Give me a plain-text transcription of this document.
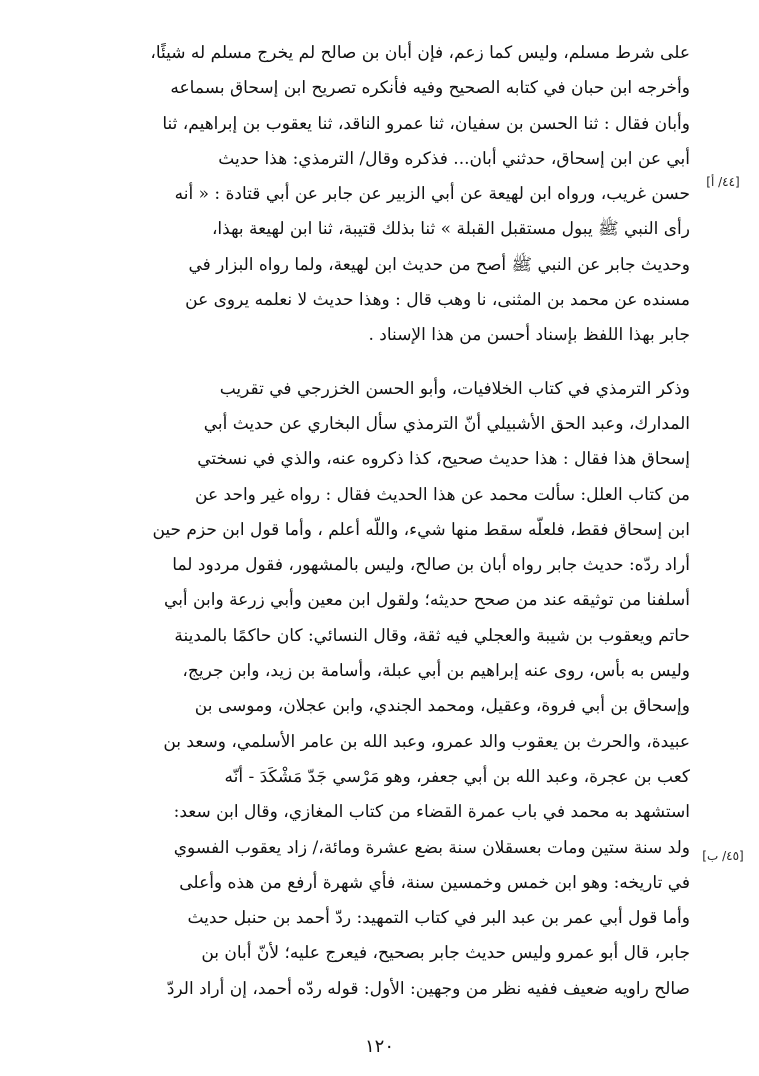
على شرط مسلم، وليس كما زعم، فإن أبان بن صالح لم يخرج مسلم له شيئًا،
وأخرجه ابن حبان في كتابه الصحيح وفيه فأنكره تصريح ابن إسحاق بسماعه
وأبان فقال : ثنا الحسن بن سفيان، ثنا عمرو الناقد، ثنا يعقوب بن إبراهيم، ثنا
أبي عن ابن إسحاق، حدثني أبان... فذكره وقال/ الترمذي: هذا حديث
حسن غريب، ورواه ابن لهيعة عن أبي الزبير عن جابر عن أبي قتادة : « أنه
رأى النبي ﷺ يبول مستقبل القبلة » ثنا بذلك قتيبة، ثنا ابن لهيعة بهذا،
وحديث جابر عن النبي ﷺ أصح من حديث ابن لهيعة، ولما رواه البزار في
مسنده عن محمد بن المثنى، نا وهب قال : وهذا حديث لا نعلمه يروى عن
جابر بهذا اللفظ بإسناد أحسن من هذا الإسناد .
وذكر الترمذي في كتاب الخلافيات، وأبو الحسن الخزرجي في تقريب
المدارك، وعبد الحق الأشبيلي أنّ الترمذي سأل البخاري عن حديث أبي
إسحاق هذا فقال : هذا حديث صحيح، كذا ذكروه عنه، والذي في نسختي
من كتاب العلل: سألت محمد عن هذا الحديث فقال : رواه غير واحد عن
ابن إسحاق فقط، فلعلّه سقط منها شيء، واللّه أعلم ، وأما قول ابن حزم حين
أراد ردّه: حديث جابر رواه أبان بن صالح، وليس بالمشهور، فقول مردود لما
أسلفنا من توثيقه عند من صحح حديثه؛ ولقول ابن معين وأبي زرعة وابن أبي
حاتم ويعقوب بن شيبة والعجلي فيه ثقة، وقال النسائي: كان حاكمًا بالمدينة
وليس به بأس، روى عنه إبراهيم بن أبي عبلة، وأسامة بن زيد، وابن جريج،
وإسحاق بن أبي فروة، وعقيل، ومحمد الجندي، وابن عجلان، وموسى بن
عبيدة، والحرث بن يعقوب والد عمرو، وعبد الله بن عامر الأسلمي، وسعد بن
كعب بن عجرة، وعبد الله بن أبي جعفر، وهو مَرْسي جَدّ مَشْكَدَ - أنّه
استشهد به محمد في باب عمرة القضاء من كتاب المغازي، وقال ابن سعد:
ولد سنة ستين ومات بعسقلان سنة بضع عشرة ومائة،/ زاد يعقوب الفسوي
في تاريخه: وهو ابن خمس وخمسين سنة، فأي شهرة أرفع من هذه وأعلى
وأما قول أبي عمر بن عبد البر في كتاب التمهيد: ردّ أحمد بن حنبل حديث
جابر، قال أبو عمرو وليس حديث جابر بصحيح، فيعرج عليه؛ لأنّ أبان بن
صالح راويه ضعيف ففيه نظر من وجهين: الأول: قوله ردّه أحمد، إن أراد الردّ
[٤٤/ أ]
[٤٥/ ب]
١٢٠
